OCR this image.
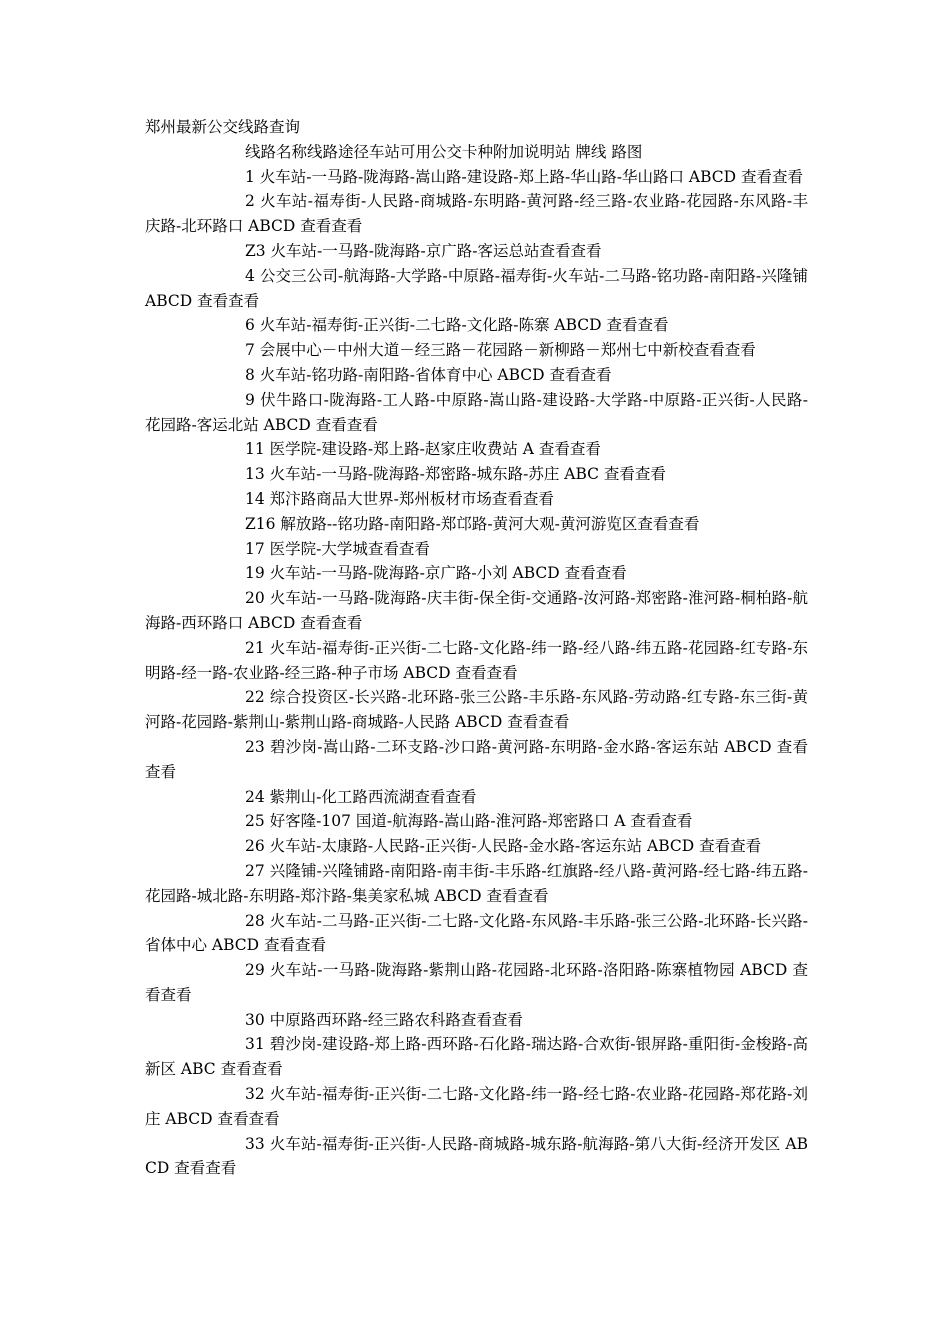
郑州最新公交线路查询

线路名称线路途径车站可用公交卡种附加说明站 牌线 路图

1 火车站-一马路-陇海路-嵩山路-建设路-郑上路-华山路-华山路口 ABCD 查看查看

2 火车站-福寿街-人民路-商城路-东明路-黄河路-经三路-农业路-花园路-东风路-丰庆路-北环路口 ABCD 查看查看

Z3 火车站-一马路-陇海路-京广路-客运总站查看查看

4 公交三公司-航海路-大学路-中原路-福寿街-火车站-二马路-铭功路-南阳路-兴隆铺 ABCD 查看查看

6 火车站-福寿街-正兴街-二七路-文化路-陈寨 ABCD 查看查看

7 会展中心－中州大道－经三路－花园路－新柳路－郑州七中新校查看查看

8 火车站-铭功路-南阳路-省体育中心 ABCD 查看查看

9 伏牛路口-陇海路-工人路-中原路-嵩山路-建设路-大学路-中原路-正兴街-人民路-花园路-客运北站 ABCD 查看查看

11 医学院-建设路-郑上路-赵家庄收费站 A 查看查看

13 火车站-一马路-陇海路-郑密路-城东路-苏庄 ABC 查看查看

14 郑汴路商品大世界-郑州板材市场查看查看

Z16 解放路--铭功路-南阳路-郑邙路-黄河大观-黄河游览区查看查看

17 医学院-大学城查看查看

19 火车站-一马路-陇海路-京广路-小刘 ABCD 查看查看

20 火车站-一马路-陇海路-庆丰街-保全街-交通路-汝河路-郑密路-淮河路-桐柏路-航海路-西环路口 ABCD 查看查看

21 火车站-福寿街-正兴街-二七路-文化路-纬一路-经八路-纬五路-花园路-红专路-东明路-经一路-农业路-经三路-种子市场 ABCD 查看查看

22 综合投资区-长兴路-北环路-张三公路-丰乐路-东风路-劳动路-红专路-东三街-黄河路-花园路-紫荆山-紫荆山路-商城路-人民路 ABCD 查看查看

23 碧沙岗-嵩山路-二环支路-沙口路-黄河路-东明路-金水路-客运东站 ABCD 查看查看

24 紫荆山-化工路西流湖查看查看

25 好客隆-107 国道-航海路-嵩山路-淮河路-郑密路口 A 查看查看

26 火车站-太康路-人民路-正兴街-人民路-金水路-客运东站 ABCD 查看查看

27 兴隆铺-兴隆铺路-南阳路-南丰街-丰乐路-红旗路-经八路-黄河路-经七路-纬五路-花园路-城北路-东明路-郑汴路-集美家私城 ABCD 查看查看

28 火车站-二马路-正兴街-二七路-文化路-东风路-丰乐路-张三公路-北环路-长兴路-省体中心 ABCD 查看查看

29 火车站-一马路-陇海路-紫荆山路-花园路-北环路-洛阳路-陈寨植物园 ABCD 查看查看

30 中原路西环路-经三路农科路查看查看

31 碧沙岗-建设路-郑上路-西环路-石化路-瑞达路-合欢街-银屏路-重阳街-金梭路-高新区 ABC 查看查看

32 火车站-福寿街-正兴街-二七路-文化路-纬一路-经七路-农业路-花园路-郑花路-刘庄 ABCD 查看查看

33 火车站-福寿街-正兴街-人民路-商城路-城东路-航海路-第八大街-经济开发区 ABCD 查看查看
